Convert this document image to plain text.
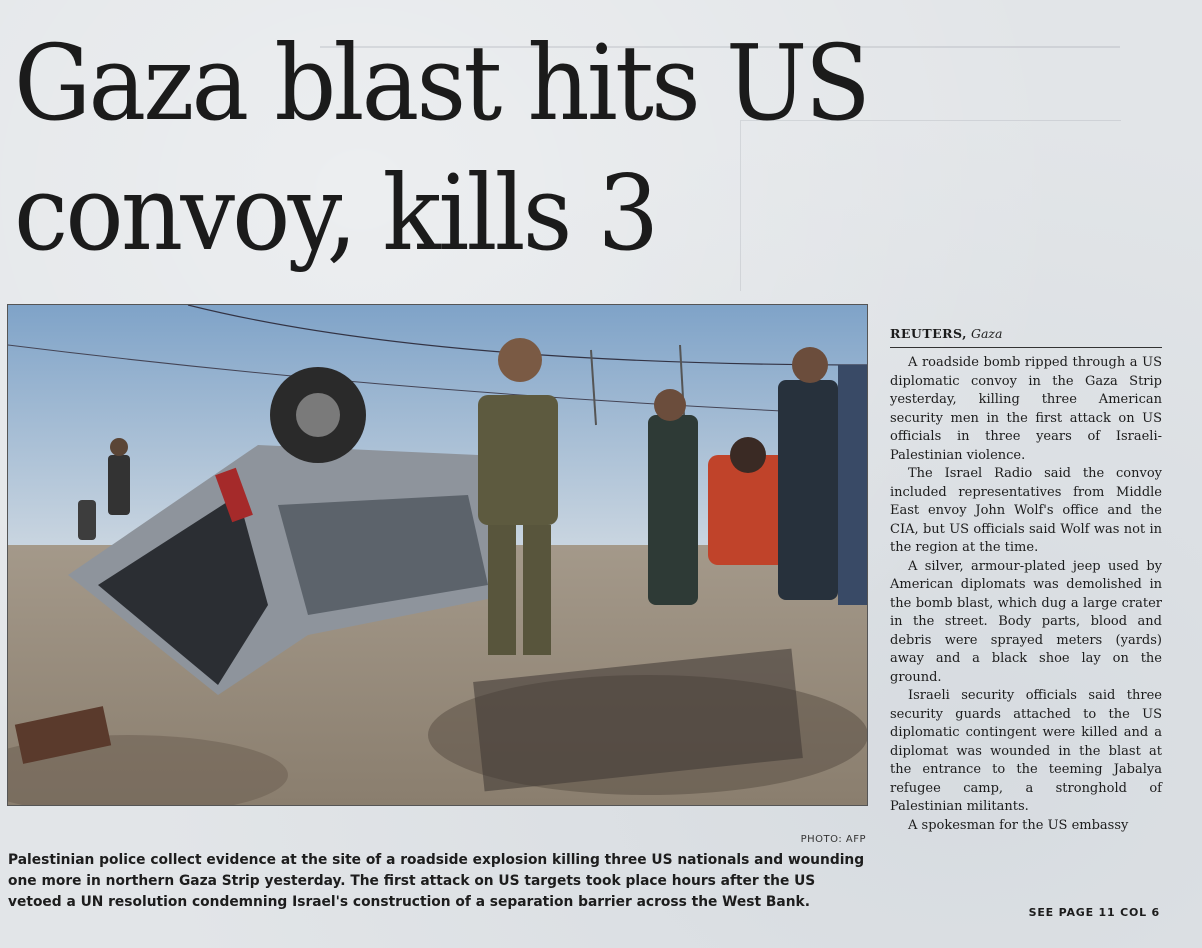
Gaza blast hits US
convoy, kills 3
PHOTO: AFP

Palestinian police collect evidence at the site of a roadside explosion killing three US nationals and wounding one more in northern Gaza Strip yesterday. The first attack on US targets took place hours after the US vetoed a UN resolution condemning Israel's construction of a separation barrier across the West Bank.

REUTERS, Gaza

A roadside bomb ripped through a US diplomatic convoy in the Gaza Strip yesterday, killing three American security men in the first attack on US officials in three years of Israeli-Palestinian violence.

The Israel Radio said the convoy included representatives from Middle East envoy John Wolf's office and the CIA, but US officials said Wolf was not in the region at the time.

A silver, armour-plated jeep used by American diplomats was demolished in the bomb blast, which dug a large crater in the street. Body parts, blood and debris were sprayed meters (yards) away and a black shoe lay on the ground.

Israeli security officials said three security guards attached to the US diplomatic contingent were killed and a diplomat was wounded in the blast at the entrance to the teeming Jabalya refugee camp, a stronghold of Palestinian militants.

A spokesman for the US embassy

SEE PAGE 11 COL 6
